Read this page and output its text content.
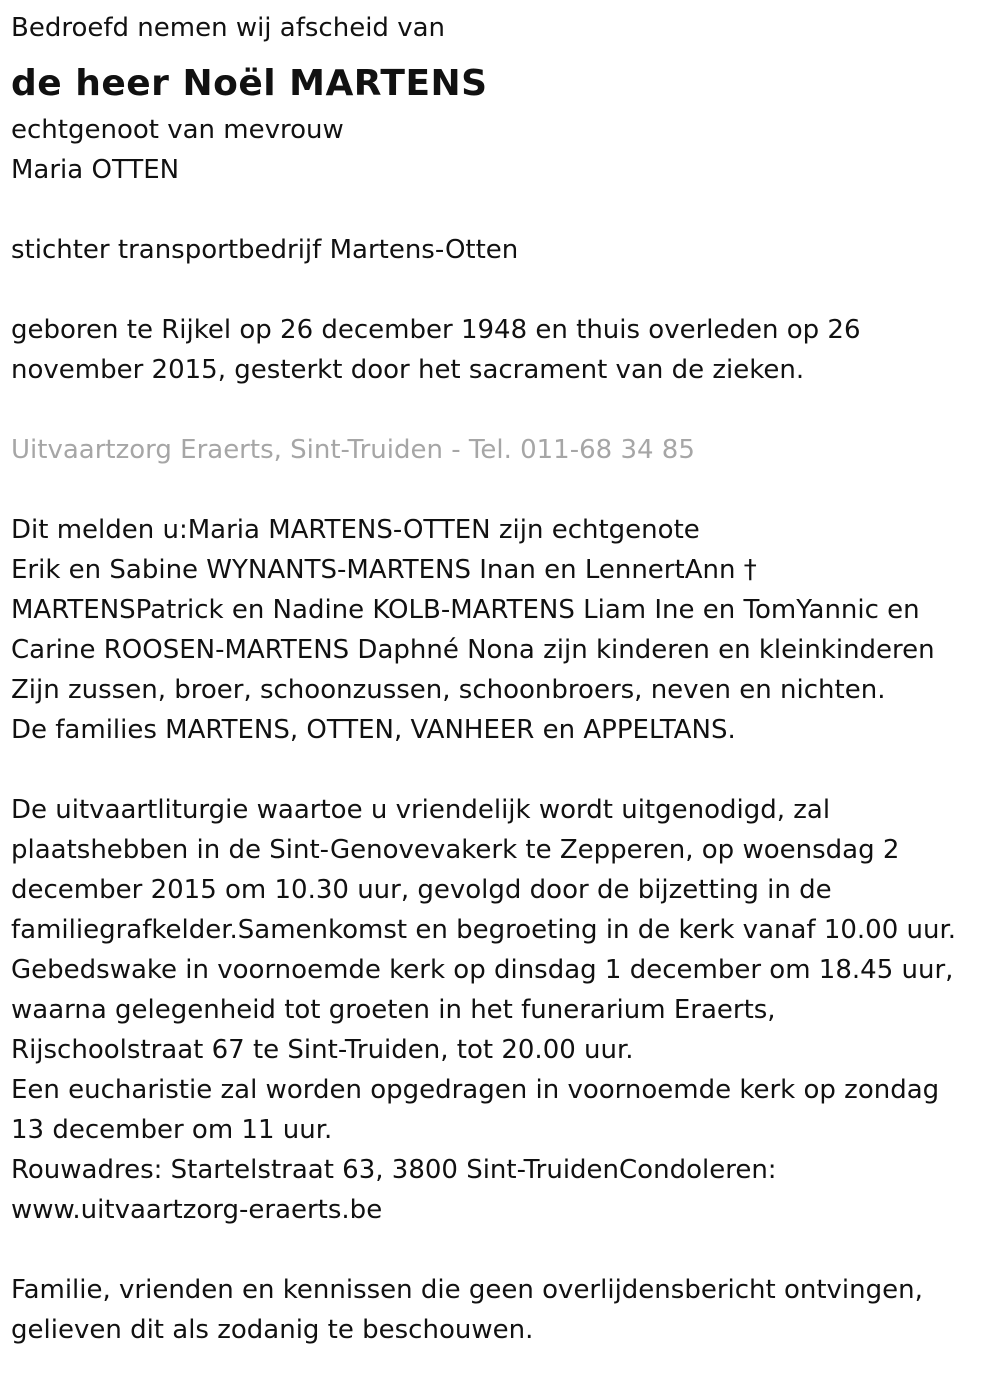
Bedroefd nemen wij afscheid van

de heer Noël MARTENS

echtgenoot van mevrouw

Maria OTTEN

stichter transportbedrijf Martens-Otten

geboren te Rijkel op 26 december 1948 en thuis overleden op 26

november 2015, gesterkt door het sacrament van de zieken.

Uitvaartzorg Eraerts, Sint-Truiden - Tel. 011-68 34 85

Dit melden u:Maria MARTENS-OTTEN zijn echtgenote

Erik en Sabine WYNANTS-MARTENS Inan en LennertAnn †

MARTENSPatrick en Nadine KOLB-MARTENS Liam Ine en TomYannic en

Carine ROOSEN-MARTENS Daphné Nona zijn kinderen en kleinkinderen

Zijn zussen, broer, schoonzussen, schoonbroers, neven en nichten.

De families MARTENS, OTTEN, VANHEER en APPELTANS.

De uitvaartliturgie waartoe u vriendelijk wordt uitgenodigd, zal

plaatshebben in de Sint-Genovevakerk te Zepperen, op woensdag 2

december 2015 om 10.30 uur, gevolgd door de bijzetting in de

familiegrafkelder.Samenkomst en begroeting in de kerk vanaf 10.00 uur.

Gebedswake in voornoemde kerk op dinsdag 1 december om 18.45 uur,

waarna gelegenheid tot groeten in het funerarium Eraerts,

Rijschoolstraat 67 te Sint-Truiden, tot 20.00 uur.

Een eucharistie zal worden opgedragen in voornoemde kerk op zondag

13 december om 11 uur.

Rouwadres: Startelstraat 63, 3800 Sint-TruidenCondoleren:

www.uitvaartzorg-eraerts.be

Familie, vrienden en kennissen die geen overlijdensbericht ontvingen,

gelieven dit als zodanig te beschouwen.
